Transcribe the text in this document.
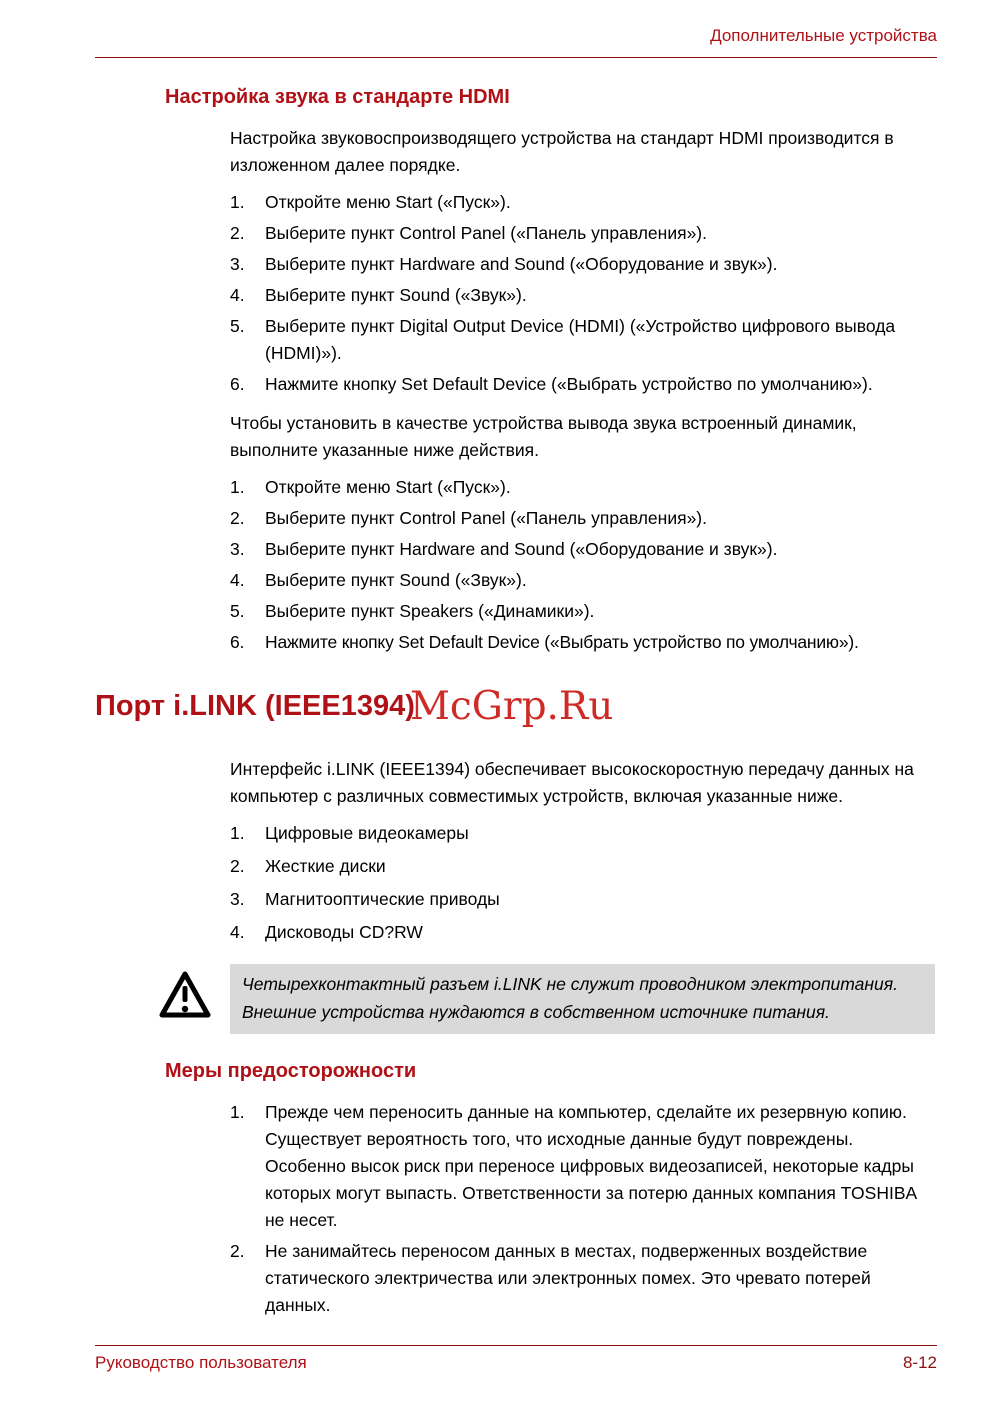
Дополнительные устройства
Настройка звука в стандарте HDMI

Настройка звуковоспроизводящего устройства на стандарт HDMI производится в изложенном далее порядке.

Откройте меню Start («Пуск»).
Выберите пункт Control Panel («Панель управления»).
Выберите пункт Hardware and Sound («Оборудование и звук»).
Выберите пункт Sound («Звук»).
Выберите пункт Digital Output Device (HDMI) («Устройство цифрового вывода (HDMI)»).
Нажмите кнопку Set Default Device («Выбрать устройство по умолчанию»).

Чтобы установить в качестве устройства вывода звука встроенный динамик, выполните указанные ниже действия.

Откройте меню Start («Пуск»).
Выберите пункт Control Panel («Панель управления»).
Выберите пункт Hardware and Sound («Оборудование и звук»).
Выберите пункт Sound («Звук»).
Выберите пункт Speakers («Динамики»).
Нажмите кнопку Set Default Device («Выбрать устройство по умолчанию»).
Порт i.LINK (IEEE1394)
McGrp.Ru

Интерфейс i.LINK (IEEE1394) обеспечивает высокоскоростную передачу данных на компьютер с различных совместимых устройств, включая указанные ниже.

Цифровые видеокамеры
Жесткие диски
Магнитооптические приводы
Дисководы CD?RW
Четырехконтактный разъем i.LINK не служит проводником электропитания. Внешние устройства нуждаются в собственном источнике питания.
Меры предосторожности
Прежде чем переносить данные на компьютер, сделайте их резервную копию. Существует вероятность того, что исходные данные будут повреждены. Особенно высок риск при переносе цифровых видеозаписей, некоторые кадры которых могут выпасть. Ответственности за потерю данных компания TOSHIBA не несет.
Не занимайтесь переносом данных в местах, подверженных воздействие статического электричества или электронных помех. Это чревато потерей данных.
Руководство пользователя	8-12
